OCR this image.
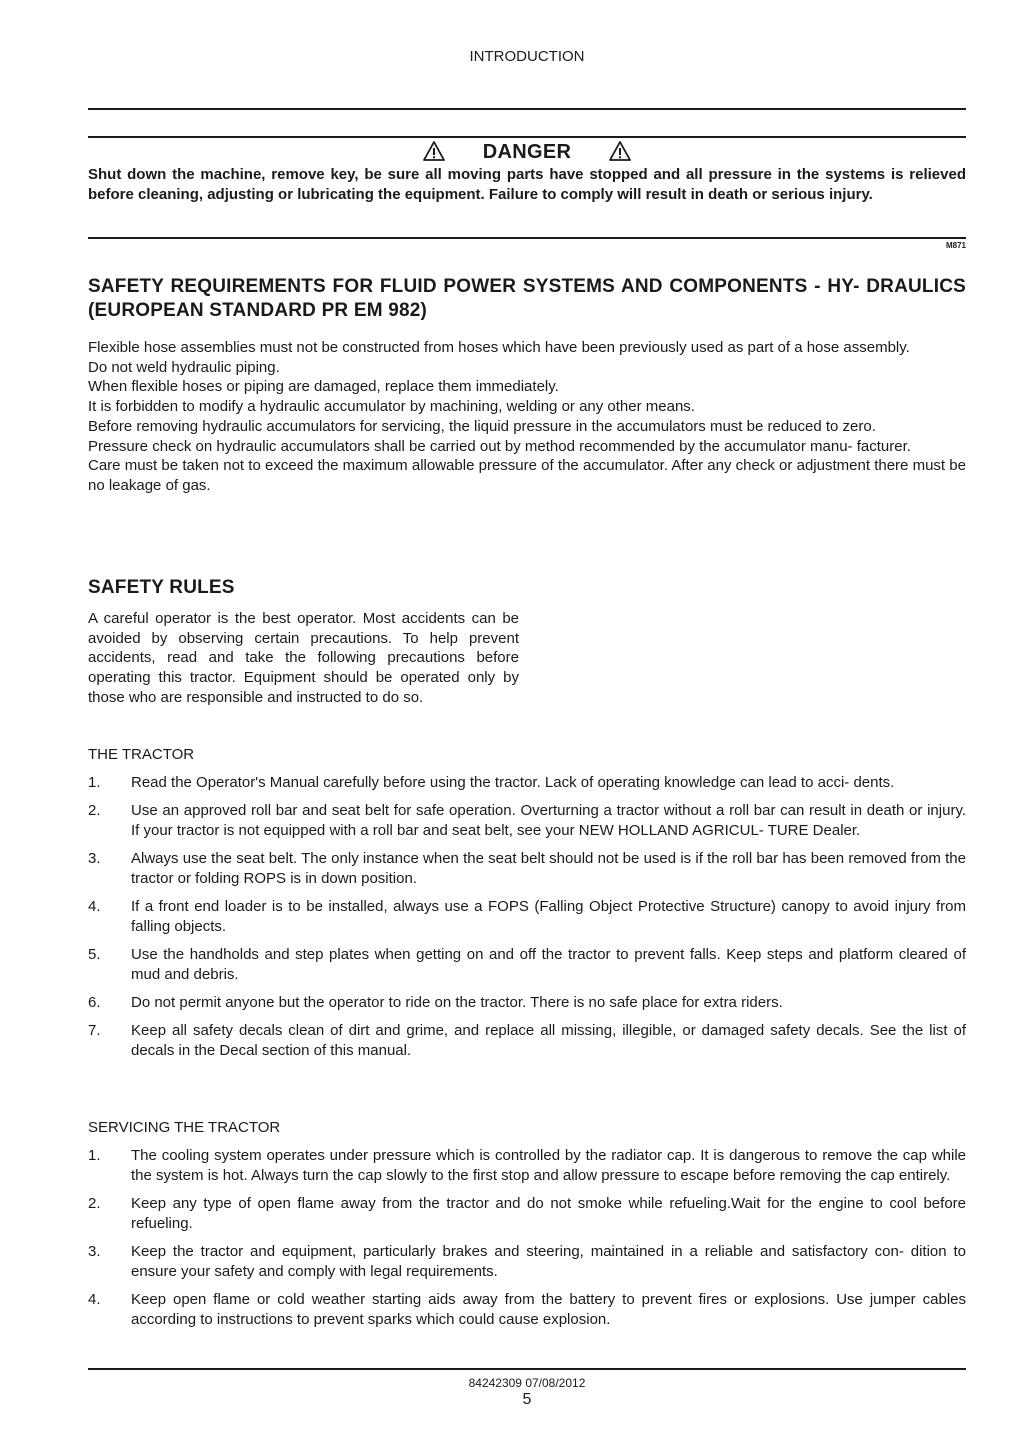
INTRODUCTION
DANGER
Shut down the machine, remove key, be sure all moving parts have stopped and all pressure in the systems is relieved before cleaning, adjusting or lubricating the equipment. Failure to comply will result in death or serious injury.
M871
SAFETY REQUIREMENTS FOR FLUID POWER SYSTEMS AND COMPONENTS - HY- DRAULICS (EUROPEAN STANDARD PR EM 982)

Flexible hose assemblies must not be constructed from hoses which have been previously used as part of a hose assembly.

Do not weld hydraulic piping.

When flexible hoses or piping are damaged, replace them immediately.

It is forbidden to modify a hydraulic accumulator by machining, welding or any other means.

Before removing hydraulic accumulators for servicing, the liquid pressure in the accumulators must be reduced to zero.

Pressure check on hydraulic accumulators shall be carried out by method recommended by the accumulator manu- facturer.

Care must be taken not to exceed the maximum allowable pressure of the accumulator. After any check or adjustment there must be no leakage of gas.

SAFETY RULES
A careful operator is the best operator. Most accidents can be avoided by observing certain precautions. To help prevent accidents, read and take the following precautions before operating this tractor. Equipment should be operated only by those who are responsible and instructed to do so.
THE TRACTOR
1. Read the Operator's Manual carefully before using the tractor. Lack of operating knowledge can lead to acci- dents.
2. Use an approved roll bar and seat belt for safe operation. Overturning a tractor without a roll bar can result in death or injury. If your tractor is not equipped with a roll bar and seat belt, see your NEW HOLLAND AGRICUL- TURE Dealer.
3. Always use the seat belt. The only instance when the seat belt should not be used is if the roll bar has been removed from the tractor or folding ROPS is in down position.
4. If a front end loader is to be installed, always use a FOPS (Falling Object Protective Structure) canopy to avoid injury from falling objects.
5. Use the handholds and step plates when getting on and off the tractor to prevent falls. Keep steps and platform cleared of mud and debris.
6. Do not permit anyone but the operator to ride on the tractor. There is no safe place for extra riders.
7. Keep all safety decals clean of dirt and grime, and replace all missing, illegible, or damaged safety decals. See the list of decals in the Decal section of this manual.
SERVICING THE TRACTOR
1. The cooling system operates under pressure which is controlled by the radiator cap. It is dangerous to remove the cap while the system is hot. Always turn the cap slowly to the first stop and allow pressure to escape before removing the cap entirely.
2. Keep any type of open flame away from the tractor and do not smoke while refueling.Wait for the engine to cool before refueling.
3. Keep the tractor and equipment, particularly brakes and steering, maintained in a reliable and satisfactory con- dition to ensure your safety and comply with legal requirements.
4. Keep open flame or cold weather starting aids away from the battery to prevent fires or explosions. Use jumper cables according to instructions to prevent sparks which could cause explosion.
84242309 07/08/2012
5
